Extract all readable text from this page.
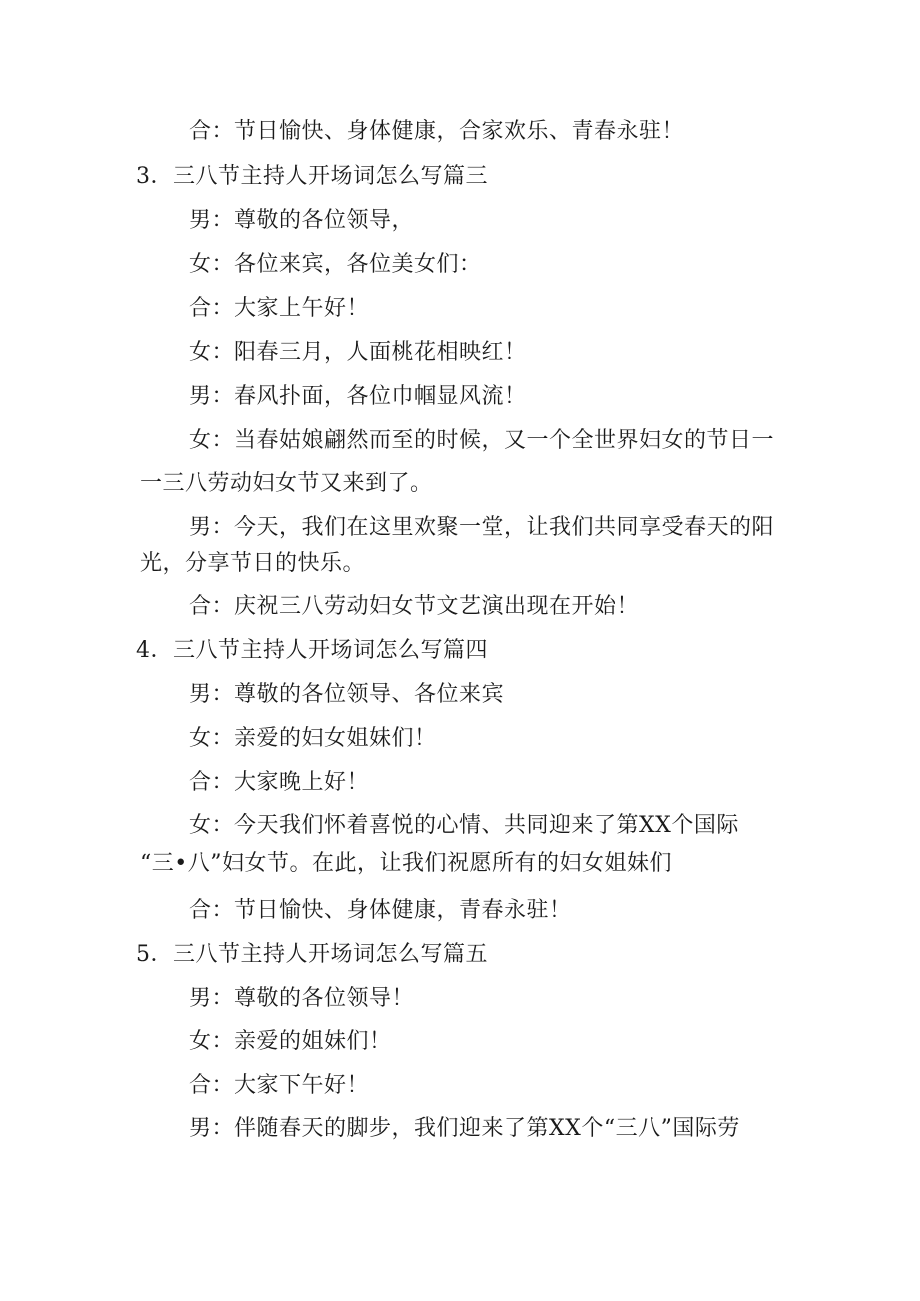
合：节日愉快、身体健康，合家欢乐、青春永驻！
3．三八节主持人开场词怎么写篇三
男：尊敬的各位领导，
女：各位来宾，各位美女们：
合：大家上午好！
女：阳春三月，人面桃花相映红！
男：春风扑面，各位巾帼显风流！
女：当春姑娘翩然而至的时候，又一个全世界妇女的节日一
一三八劳动妇女节又来到了。
男：今天，我们在这里欢聚一堂，让我们共同享受春天的阳
光，分享节日的快乐。
合：庆祝三八劳动妇女节文艺演出现在开始！
4．三八节主持人开场词怎么写篇四
男：尊敬的各位领导、各位来宾
女：亲爱的妇女姐妹们！
合：大家晚上好！
女：今天我们怀着喜悦的心情、共同迎来了第XX个国际
“三•八”妇女节。在此，让我们祝愿所有的妇女姐妹们
合：节日愉快、身体健康，青春永驻！
5．三八节主持人开场词怎么写篇五
男：尊敬的各位领导！
女：亲爱的姐妹们！
合：大家下午好！
男：伴随春天的脚步，我们迎来了第XX个“三八”国际劳
